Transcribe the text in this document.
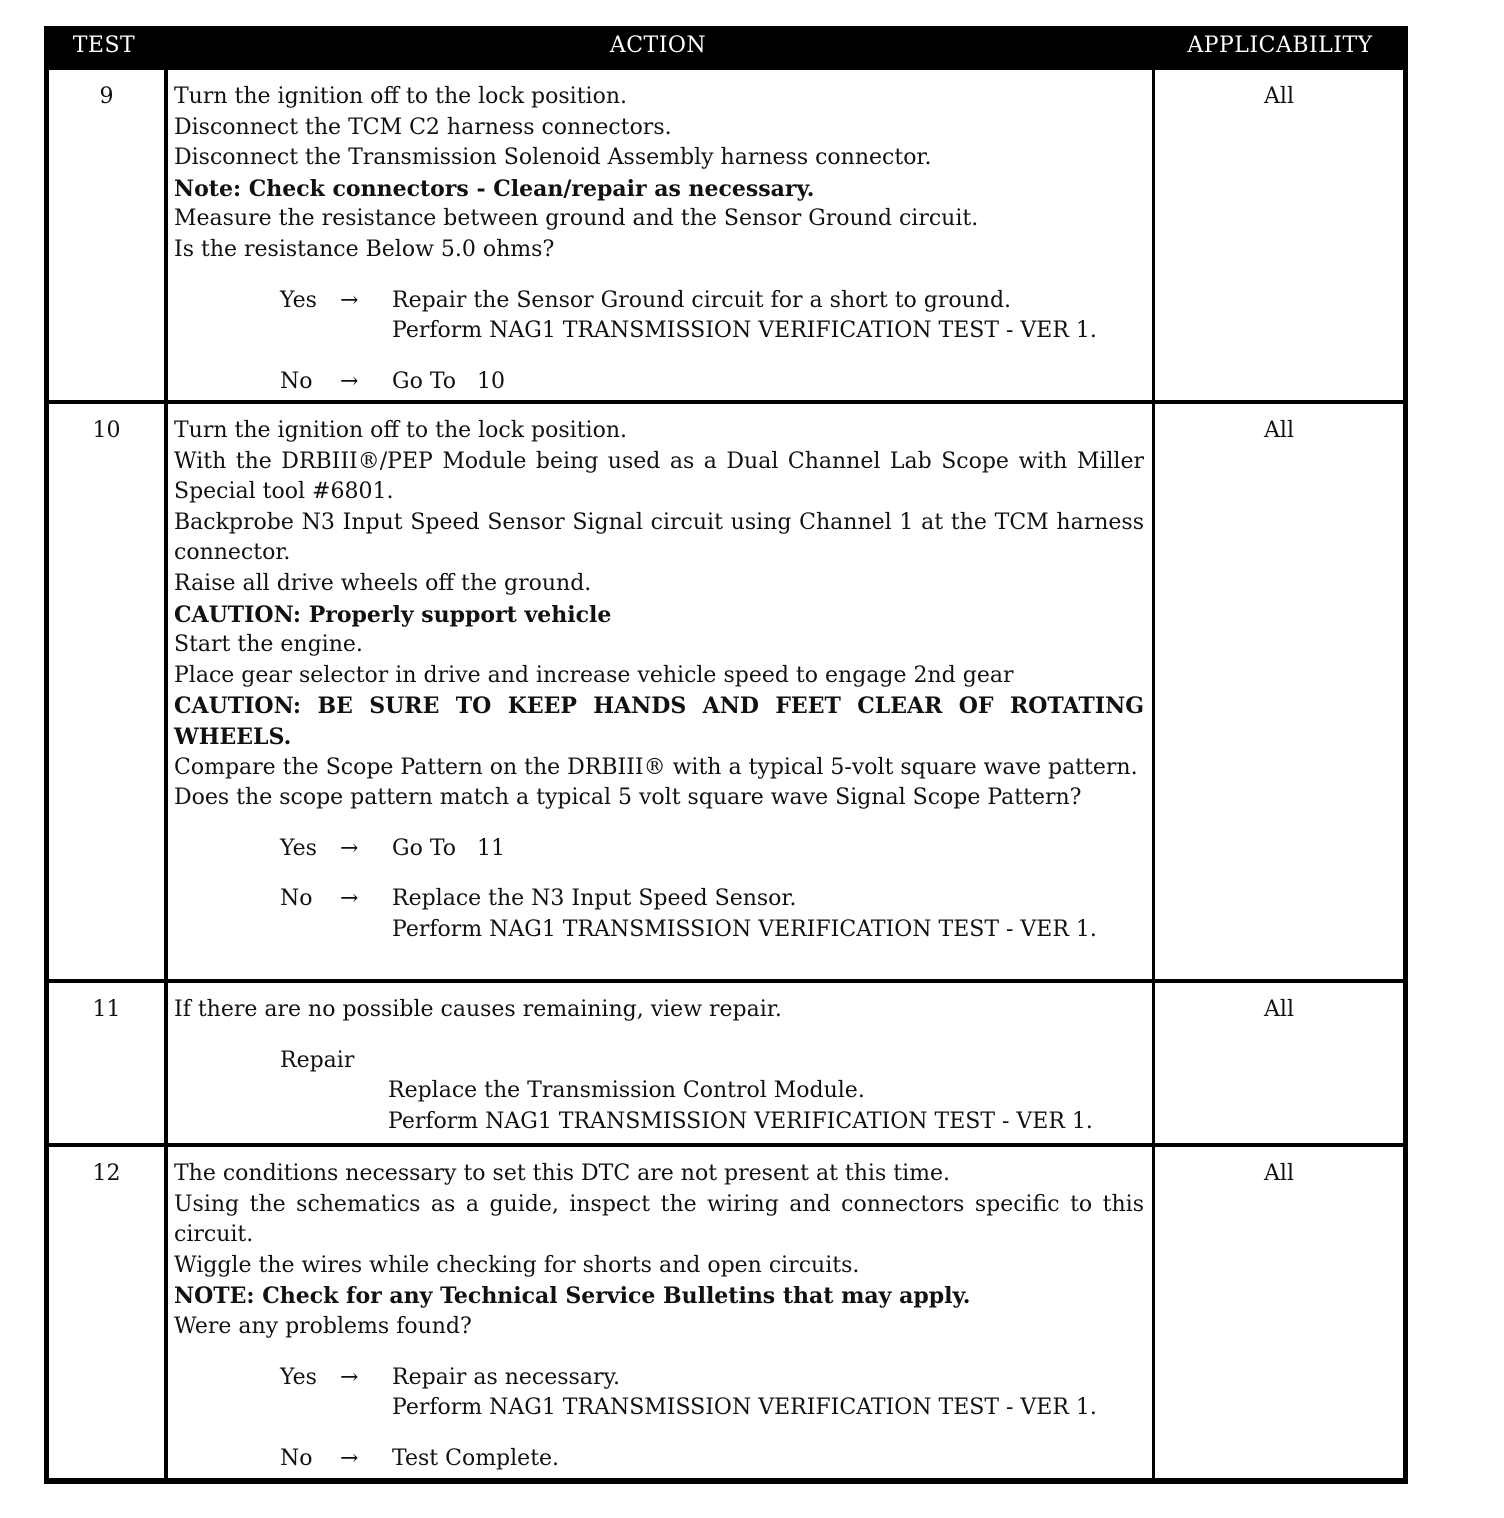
TEST	ACTION	APPLICABILITY
9	Turn the ignition off to the lock position.
Disconnect the TCM C2 harness connectors.
Disconnect the Transmission Solenoid Assembly harness connector.
Note: Check connectors - Clean/repair as necessary.
Measure the resistance between ground and the Sensor Ground circuit.
Is the resistance Below 5.0 ohms?
Yes → Repair the Sensor Ground circuit for a short to ground.
Perform NAG1 TRANSMISSION VERIFICATION TEST - VER 1.
No → Go To   10
All
10	Turn the ignition off to the lock position.
With the DRBIII®/PEP Module being used as a Dual Channel Lab Scope with Miller Special tool #6801.
Backprobe N3 Input Speed Sensor Signal circuit using Channel 1 at the TCM harness connector.
Raise all drive wheels off the ground.
CAUTION: Properly support vehicle
Start the engine.
Place gear selector in drive and increase vehicle speed to engage 2nd gear
CAUTION: BE SURE TO KEEP HANDS AND FEET CLEAR OF ROTATING WHEELS.
Compare the Scope Pattern on the DRBIII® with a typical 5-volt square wave pattern.
Does the scope pattern match a typical 5 volt square wave Signal Scope Pattern?
Yes → Go To   11
No → Replace the N3 Input Speed Sensor.
Perform NAG1 TRANSMISSION VERIFICATION TEST - VER 1.
All
11	If there are no possible causes remaining, view repair.
Repair
Replace the Transmission Control Module.
Perform NAG1 TRANSMISSION VERIFICATION TEST - VER 1.
All
12	The conditions necessary to set this DTC are not present at this time.
Using the schematics as a guide, inspect the wiring and connectors specific to this circuit.
Wiggle the wires while checking for shorts and open circuits.
NOTE: Check for any Technical Service Bulletins that may apply.
Were any problems found?
Yes → Repair as necessary.
Perform NAG1 TRANSMISSION VERIFICATION TEST - VER 1.
No → Test Complete.
All
